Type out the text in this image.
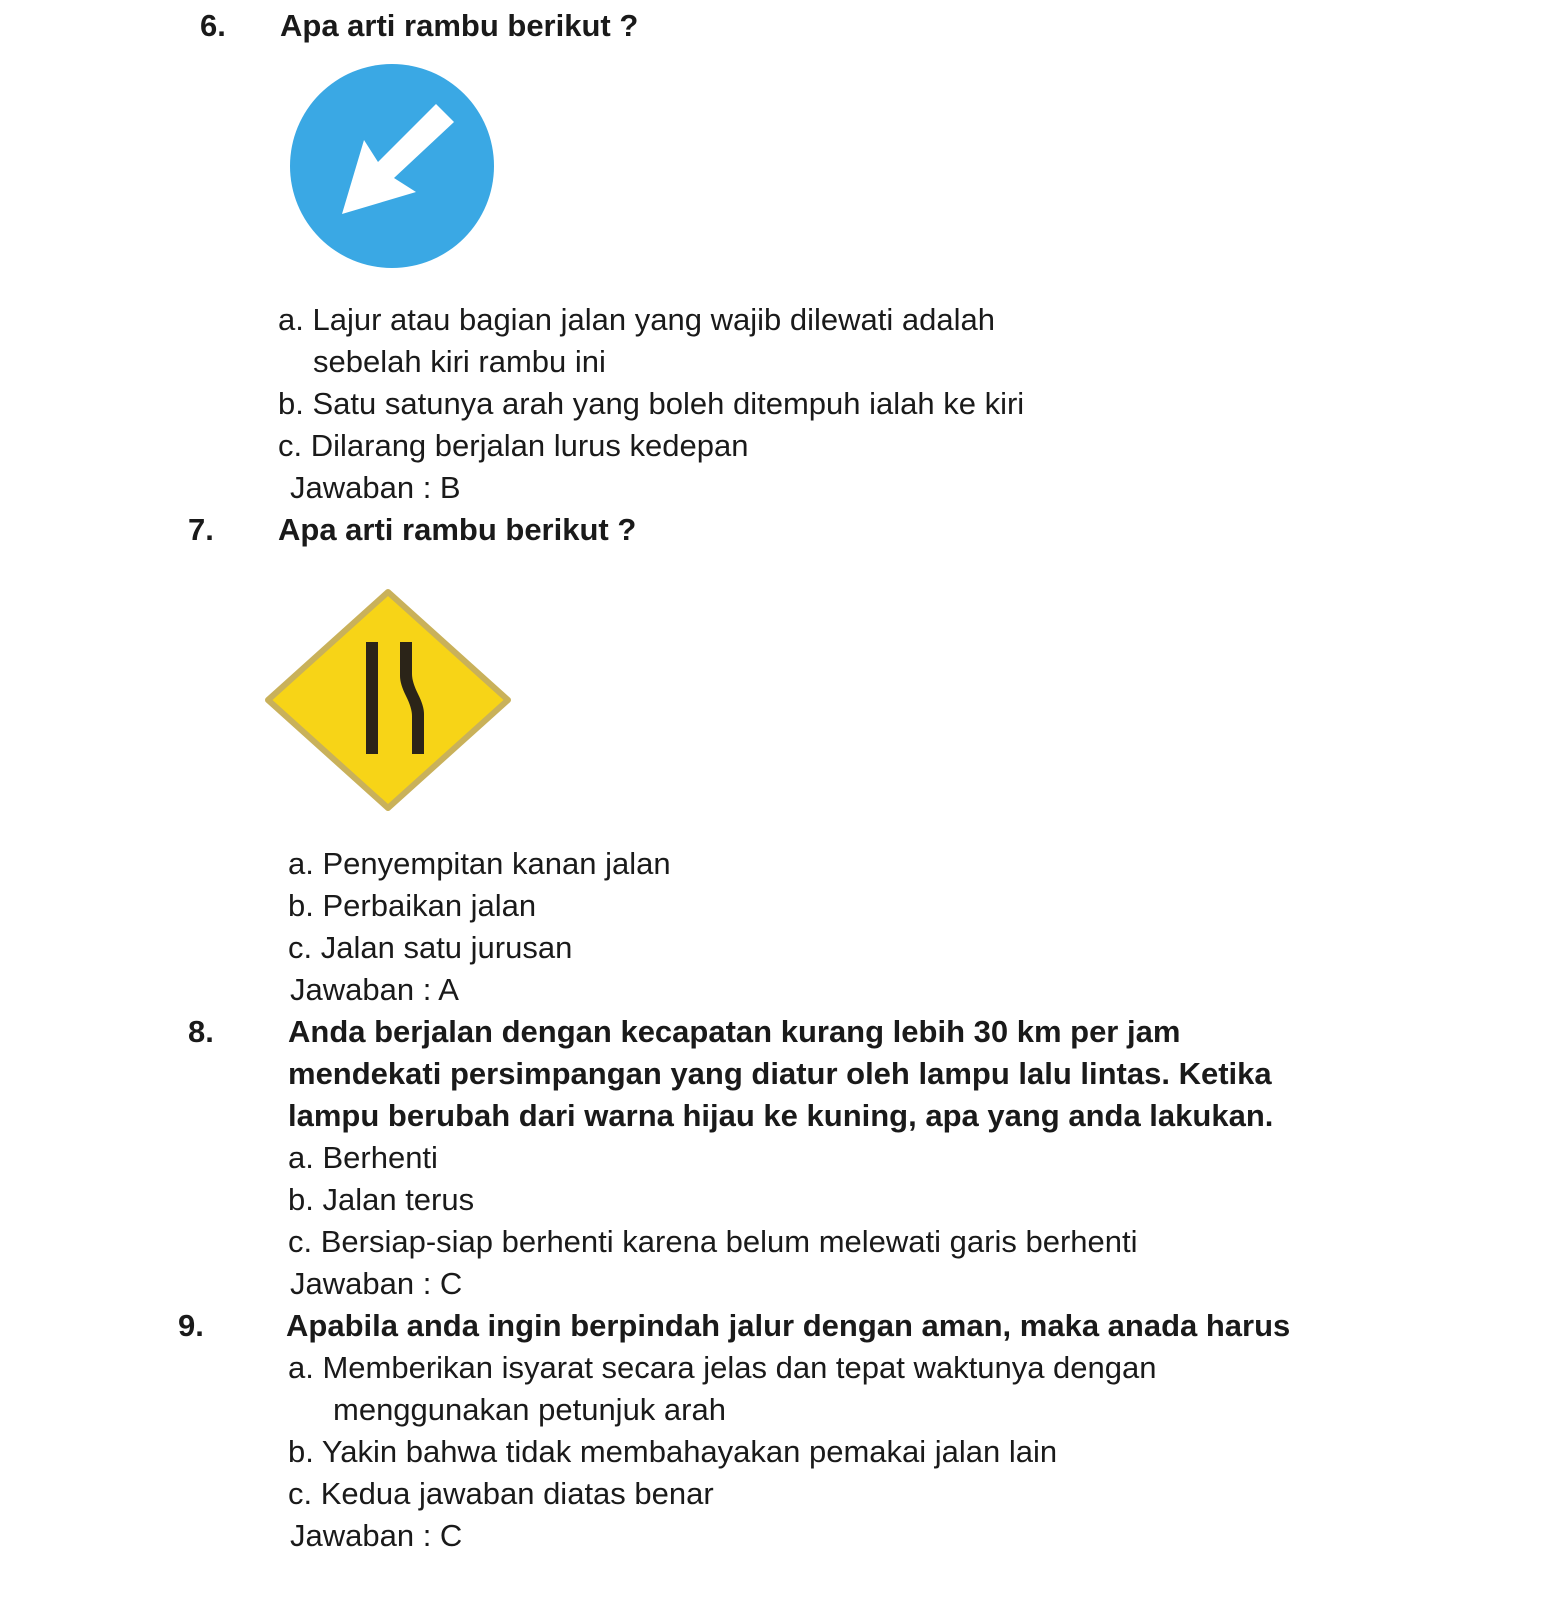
6. Apa arti rambu berikut ?
a. Lajur atau bagian jalan yang wajib dilewati adalah
sebelah kiri rambu ini
b. Satu satunya arah yang boleh ditempuh ialah ke kiri
c. Dilarang berjalan lurus kedepan
Jawaban : B
7. Apa arti rambu berikut ?
a. Penyempitan kanan jalan
b. Perbaikan jalan
c. Jalan satu jurusan
Jawaban : A
8. Anda berjalan dengan kecapatan kurang lebih 30 km per jam
mendekati persimpangan yang diatur oleh lampu lalu lintas. Ketika
lampu berubah dari warna hijau ke kuning, apa yang anda lakukan.
a. Berhenti
b. Jalan terus
c. Bersiap-siap berhenti karena belum melewati garis berhenti
Jawaban : C
9.	Apabila anda ingin berpindah jalur dengan aman, maka anada harus
a. Memberikan isyarat secara jelas dan tepat waktunya dengan
menggunakan petunjuk arah
b. Yakin bahwa tidak membahayakan pemakai jalan lain
c. Kedua jawaban diatas benar
Jawaban : C
